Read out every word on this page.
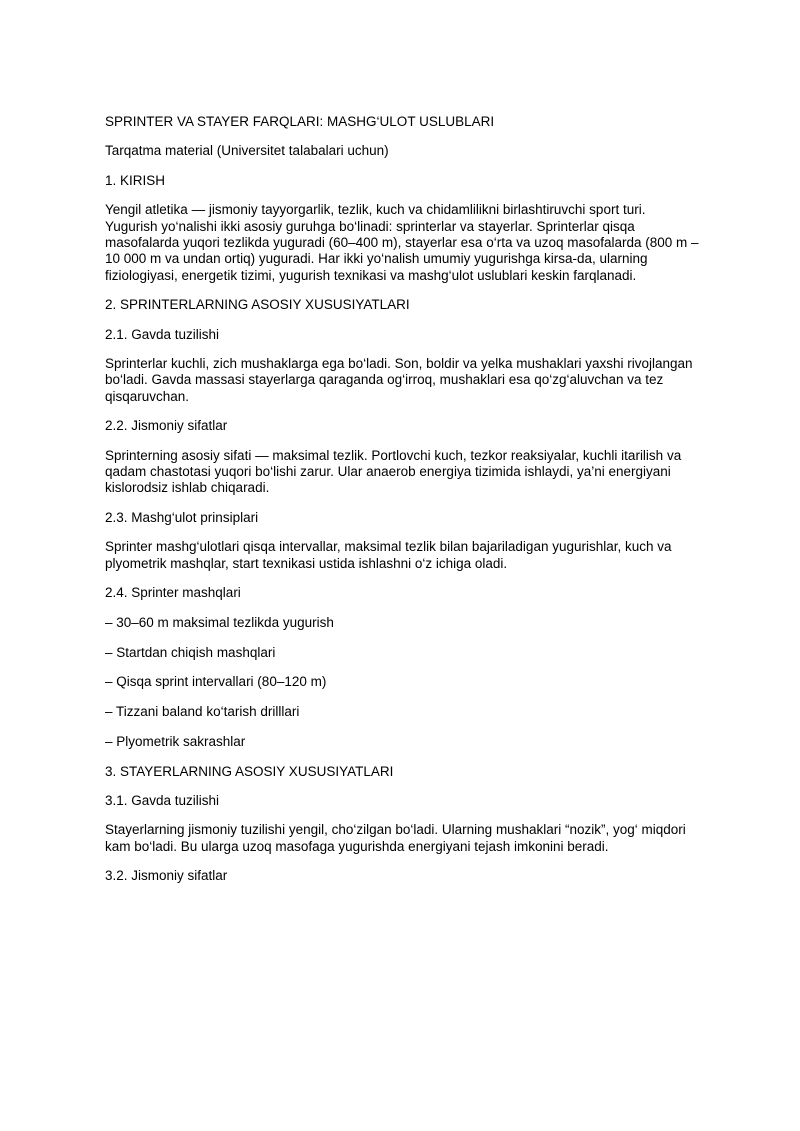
SPRINTER VA STAYER FARQLARI: MASHG‘ULOT USLUBLARI

Tarqatma material (Universitet talabalari uchun)

1. KIRISH

Yengil atletika — jismoniy tayyorgarlik, tezlik, kuch va chidamlilikni birlashtiruvchi sport turi. Yugurish yo‘nalishi ikki asosiy guruhga bo‘linadi: sprinterlar va stayerlar. Sprinterlar qisqa masofalarda yuqori tezlikda yuguradi (60–400 m), stayerlar esa o‘rta va uzoq masofalarda (800 m – 10 000 m va undan ortiq) yuguradi. Har ikki yo‘nalish umumiy yugurishga kirsa-da, ularning fiziologiyasi, energetik tizimi, yugurish texnikasi va mashg‘ulot uslublari keskin farqlanadi.

2. SPRINTERLARNING ASOSIY XUSUSIYATLARI

2.1. Gavda tuzilishi

Sprinterlar kuchli, zich mushaklarga ega bo‘ladi. Son, boldir va yelka mushaklari yaxshi rivojlangan bo‘ladi. Gavda massasi stayerlarga qaraganda og‘irroq, mushaklari esa qo‘zg‘aluvchan va tez qisqaruvchan.

2.2. Jismoniy sifatlar

Sprinterning asosiy sifati — maksimal tezlik. Portlovchi kuch, tezkor reaksiyalar, kuchli itarilish va qadam chastotasi yuqori bo‘lishi zarur. Ular anaerob energiya tizimida ishlaydi, ya’ni energiyani kislorodsiz ishlab chiqaradi.

2.3. Mashg‘ulot prinsiplari

Sprinter mashg‘ulotlari qisqa intervallar, maksimal tezlik bilan bajariladigan yugurishlar, kuch va plyometrik mashqlar, start texnikasi ustida ishlashni o‘z ichiga oladi.

2.4. Sprinter mashqlari

– 30–60 m maksimal tezlikda yugurish

– Startdan chiqish mashqlari

– Qisqa sprint intervallari (80–120 m)

– Tizzani baland ko‘tarish drilllari

– Plyometrik sakrashlar

3. STAYERLARNING ASOSIY XUSUSIYATLARI

3.1. Gavda tuzilishi

Stayerlarning jismoniy tuzilishi yengil, cho‘zilgan bo‘ladi. Ularning mushaklari “nozik”, yog‘ miqdori kam bo‘ladi. Bu ularga uzoq masofaga yugurishda energiyani tejash imkonini beradi.

3.2. Jismoniy sifatlar
